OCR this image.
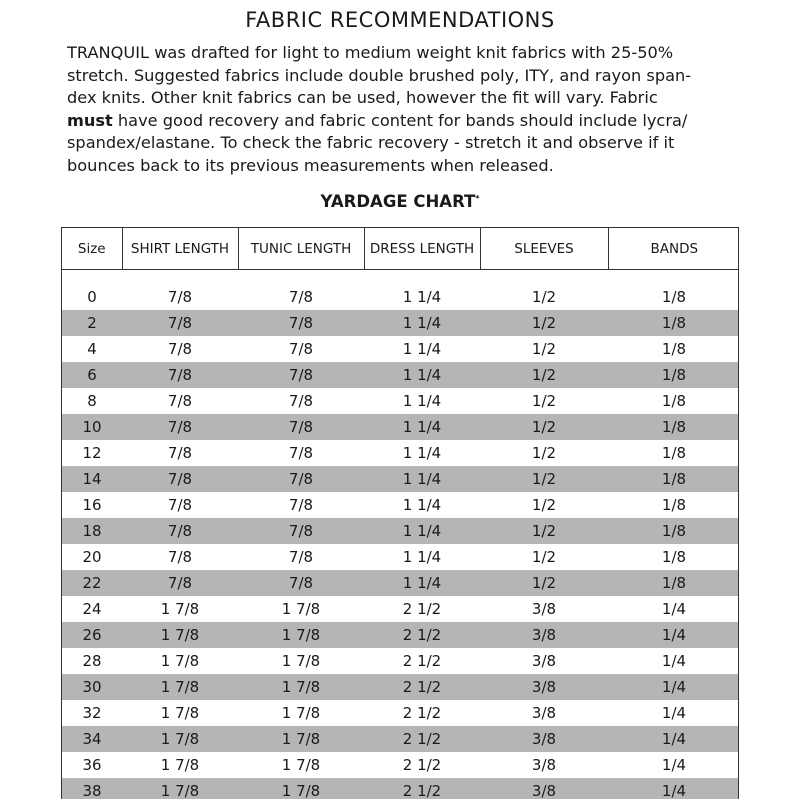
FABRIC RECOMMENDATIONS

TRANQUIL was drafted for light to medium weight knit fabrics with 25-50%
stretch. Suggested fabrics include double brushed poly, ITY, and rayon span-
dex knits. Other knit fabrics can be used, however the fit will vary. Fabric
must have good recovery and fabric content for bands should include lycra/
spandex/elastane. To check the fabric recovery - stretch it and observe if it
bounces back to its previous measurements when released.

YARDAGE CHART*
Size	SHIRT LENGTH	TUNIC LENGTH	DRESS LENGTH	SLEEVES	BANDS

0	7/8	7/8	1 1/4	1/2	1/8
2	7/8	7/8	1 1/4	1/2	1/8
4	7/8	7/8	1 1/4	1/2	1/8
6	7/8	7/8	1 1/4	1/2	1/8
8	7/8	7/8	1 1/4	1/2	1/8
10	7/8	7/8	1 1/4	1/2	1/8
12	7/8	7/8	1 1/4	1/2	1/8
14	7/8	7/8	1 1/4	1/2	1/8
16	7/8	7/8	1 1/4	1/2	1/8
18	7/8	7/8	1 1/4	1/2	1/8
20	7/8	7/8	1 1/4	1/2	1/8
22	7/8	7/8	1 1/4	1/2	1/8
24	1 7/8	1 7/8	2 1/2	3/8	1/4
26	1 7/8	1 7/8	2 1/2	3/8	1/4
28	1 7/8	1 7/8	2 1/2	3/8	1/4
30	1 7/8	1 7/8	2 1/2	3/8	1/4
32	1 7/8	1 7/8	2 1/2	3/8	1/4
34	1 7/8	1 7/8	2 1/2	3/8	1/4
36	1 7/8	1 7/8	2 1/2	3/8	1/4
38	1 7/8	1 7/8	2 1/2	3/8	1/4
